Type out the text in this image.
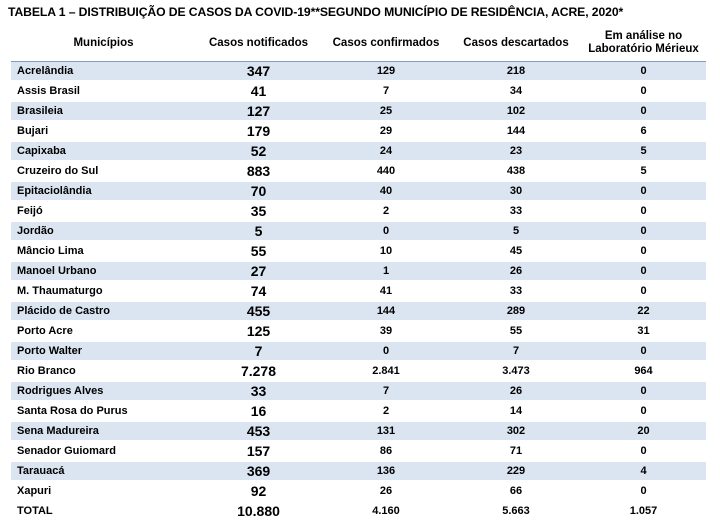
TABELA 1 – DISTRIBUIÇÃO DE CASOS DA COVID-19**SEGUNDO MUNICÍPIO DE RESIDÊNCIA, ACRE, 2020*
Municípios	Casos notificados	Casos confirmados	Casos descartados	Em análise no
Laboratório Mérieux
Acrelândia	347	129	218	0
Assis Brasil	41	7	34	0
Brasileia	127	25	102	0
Bujari	179	29	144	6
Capixaba	52	24	23	5
Cruzeiro do Sul	883	440	438	5
Epitaciolândia	70	40	30	0
Feijó	35	2	33	0
Jordão	5	0	5	0
Mâncio Lima	55	10	45	0
Manoel Urbano	27	1	26	0
M. Thaumaturgo	74	41	33	0
Plácido de Castro	455	144	289	22
Porto Acre	125	39	55	31
Porto Walter	7	0	7	0
Rio Branco	7.278	2.841	3.473	964
Rodrigues Alves	33	7	26	0
Santa Rosa do Purus	16	2	14	0
Sena Madureira	453	131	302	20
Senador Guiomard	157	86	71	0
Tarauacá	369	136	229	4
Xapuri	92	26	66	0
TOTAL	10.880	4.160	5.663	1.057
